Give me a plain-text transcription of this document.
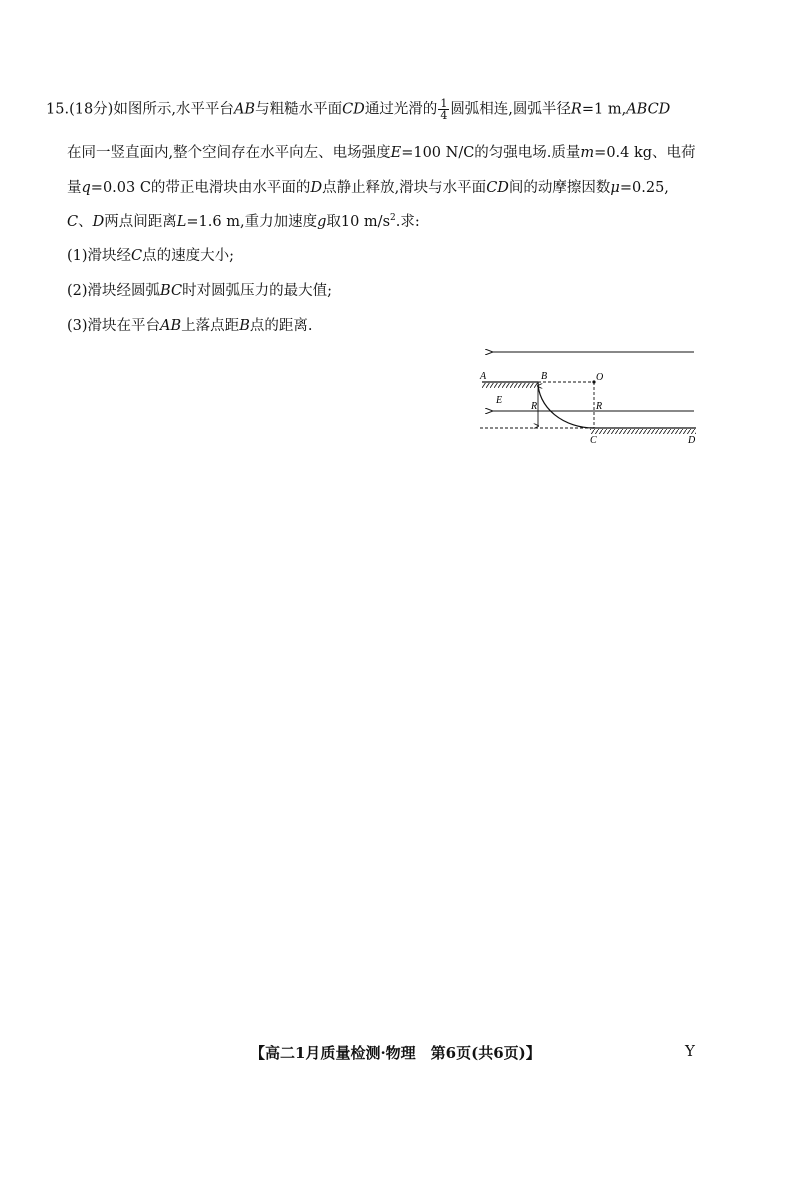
15.(18分)如图所示,水平平台AB与粗糙水平面CD通过光滑的 $\frac{1}{4}$ 圆弧相连,圆弧半径R=1 m,ABCD
在同一竖直面内,整个空间存在水平向左、电场强度E=100 N/C的匀强电场.质量m=0.4 kg、电荷
量q=0.03 C的带正电滑块由水平面的D点静止释放,滑块与水平面CD间的动摩擦因数μ=0.25,
C、D两点间距离L=1.6 m,重力加速度g取10 $m/s^2$.求:
(1)滑块经C点的速度大小;
(2)滑块经圆弧BC时对圆弧压力的最大值;
(3)滑块在平台AB上落点距B点的距离.
A	B	O
E
R	R
C	D
【高二1月质量检测·物理　第6页(共6页)】	Y
